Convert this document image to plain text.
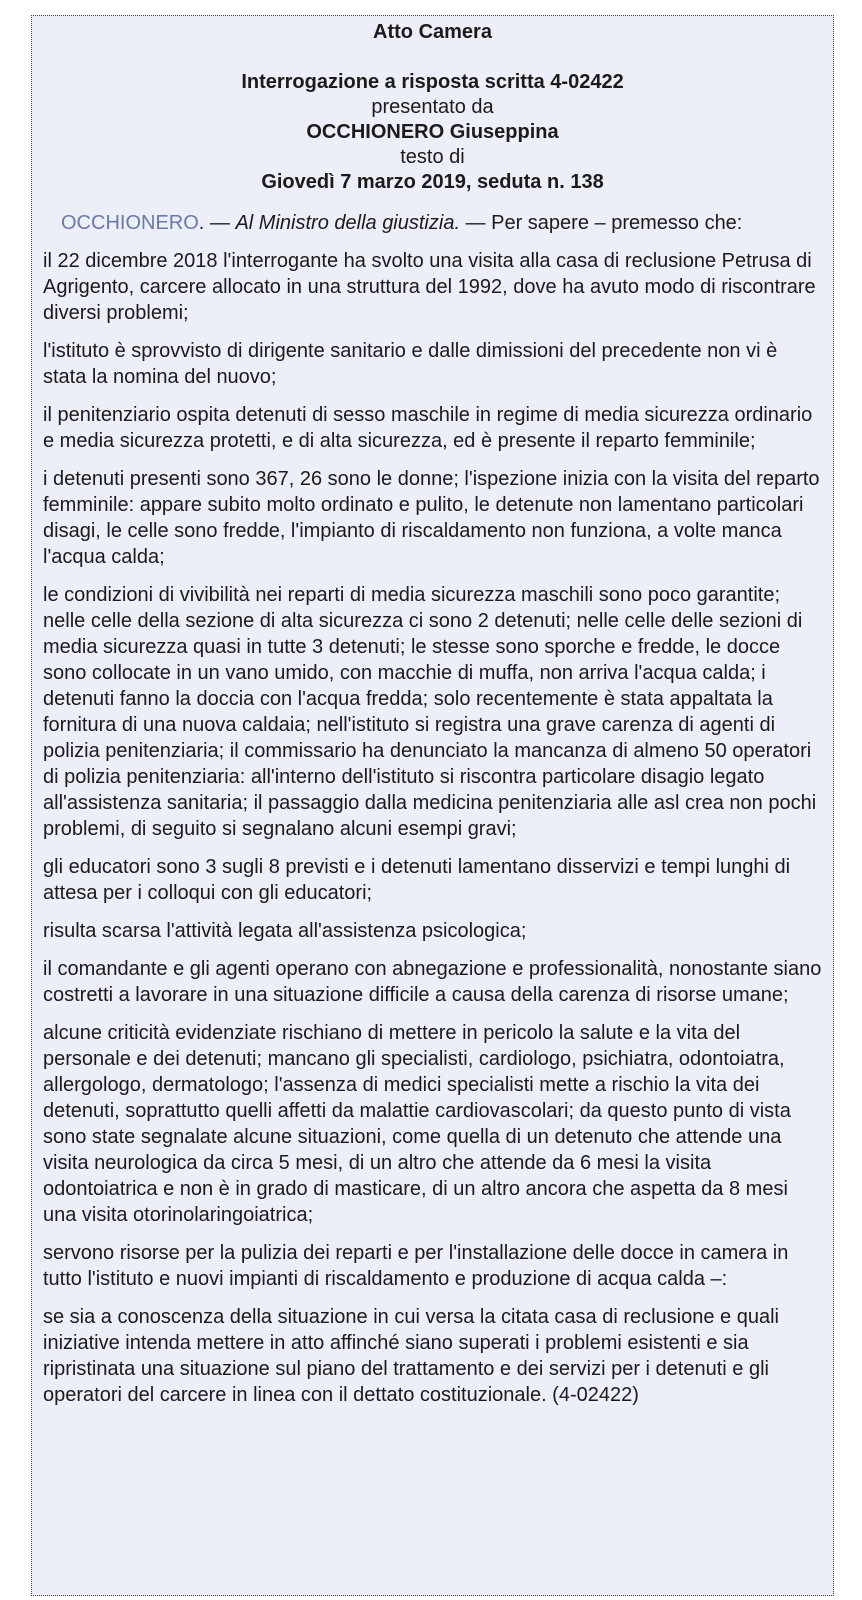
Atto Camera
Interrogazione a risposta scritta 4-02422
presentato da
OCCHIONERO Giuseppina
testo di
Giovedì 7 marzo 2019, seduta n. 138

OCCHIONERO. — Al Ministro della giustizia. — Per sapere – premesso che:

il 22 dicembre 2018 l'interrogante ha svolto una visita alla casa di reclusione Petrusa di Agrigento, carcere allocato in una struttura del 1992, dove ha avuto modo di riscontrare diversi problemi;

l'istituto è sprovvisto di dirigente sanitario e dalle dimissioni del precedente non vi è stata la nomina del nuovo;

il penitenziario ospita detenuti di sesso maschile in regime di media sicurezza ordinario e media sicurezza protetti, e di alta sicurezza, ed è presente il reparto femminile;

i detenuti presenti sono 367, 26 sono le donne; l'ispezione inizia con la visita del reparto femminile: appare subito molto ordinato e pulito, le detenute non lamentano particolari disagi, le celle sono fredde, l'impianto di riscaldamento non funziona, a volte manca l'acqua calda;

le condizioni di vivibilità nei reparti di media sicurezza maschili sono poco garantite; nelle celle della sezione di alta sicurezza ci sono 2 detenuti; nelle celle delle sezioni di media sicurezza quasi in tutte 3 detenuti; le stesse sono sporche e fredde, le docce sono collocate in un vano umido, con macchie di muffa, non arriva l'acqua calda; i detenuti fanno la doccia con l'acqua fredda; solo recentemente è stata appaltata la fornitura di una nuova caldaia; nell'istituto si registra una grave carenza di agenti di polizia penitenziaria; il commissario ha denunciato la mancanza di almeno 50 operatori di polizia penitenziaria: all'interno dell'istituto si riscontra particolare disagio legato all'assistenza sanitaria; il passaggio dalla medicina penitenziaria alle asl crea non pochi problemi, di seguito si segnalano alcuni esempi gravi;

gli educatori sono 3 sugli 8 previsti e i detenuti lamentano disservizi e tempi lunghi di attesa per i colloqui con gli educatori;

risulta scarsa l'attività legata all'assistenza psicologica;

il comandante e gli agenti operano con abnegazione e professionalità, nonostante siano costretti a lavorare in una situazione difficile a causa della carenza di risorse umane;

alcune criticità evidenziate rischiano di mettere in pericolo la salute e la vita del personale e dei detenuti; mancano gli specialisti, cardiologo, psichiatra, odontoiatra, allergologo, dermatologo; l'assenza di medici specialisti mette a rischio la vita dei detenuti, soprattutto quelli affetti da malattie cardiovascolari; da questo punto di vista sono state segnalate alcune situazioni, come quella di un detenuto che attende una visita neurologica da circa 5 mesi, di un altro che attende da 6 mesi la visita odontoiatrica e non è in grado di masticare, di un altro ancora che aspetta da 8 mesi una visita otorinolaringoiatrica;

servono risorse per la pulizia dei reparti e per l'installazione delle docce in camera in tutto l'istituto e nuovi impianti di riscaldamento e produzione di acqua calda –:

se sia a conoscenza della situazione in cui versa la citata casa di reclusione e quali iniziative intenda mettere in atto affinché siano superati i problemi esistenti e sia ripristinata una situazione sul piano del trattamento e dei servizi per i detenuti e gli operatori del carcere in linea con il dettato costituzionale. (4-02422)
